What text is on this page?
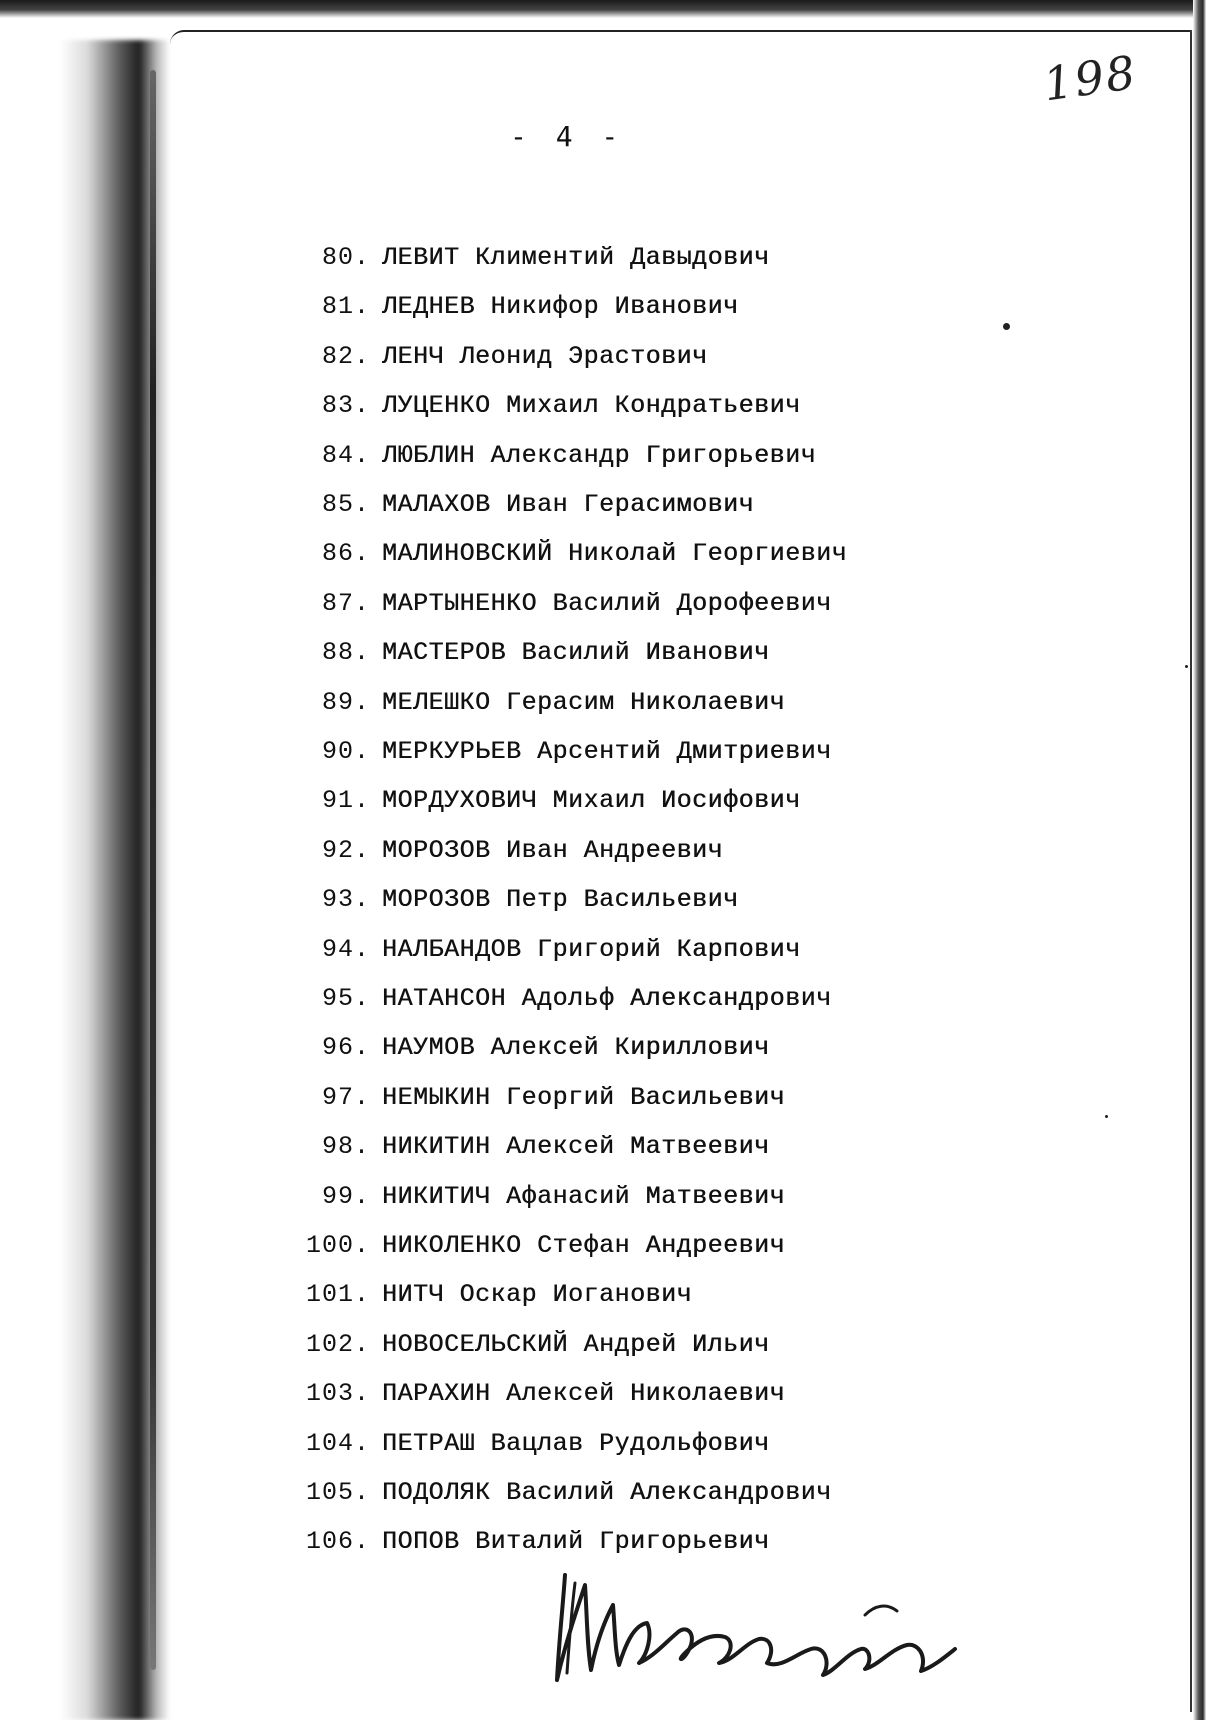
198
- 4 -
80. ЛЕВИТ Климентий Давыдович
81. ЛЕДНЕВ Никифор Иванович
82. ЛЕНЧ Леонид Эрастович
83. ЛУЦЕНКО Михаил Кондратьевич
84. ЛЮБЛИН Александр Григорьевич
85. МАЛАХОВ Иван Герасимович
86. МАЛИНОВСКИЙ Николай Георгиевич
87. МАРТЫНЕНКО Василий Дорофеевич
88. МАСТЕРОВ Василий Иванович
89. МЕЛЕШКО Герасим Николаевич
90. МЕРКУРЬЕВ Арсентий Дмитриевич
91. МОРДУХОВИЧ Михаил Иосифович
92. МОРОЗОВ Иван Андреевич
93. МОРОЗОВ Петр Васильевич
94. НАЛБАНДОВ Григорий Карпович
95. НАТАНСОН Адольф Александрович
96. НАУМОВ Алексей Кириллович
97. НЕМЫКИН Георгий Васильевич
98. НИКИТИН Алексей Матвеевич
99. НИКИТИЧ Афанасий Матвеевич
100. НИКОЛЕНКО Стефан Андреевич
101. НИТЧ Оскар Иоганович
102. НОВОСЕЛЬСКИЙ Андрей Ильич
103. ПАРАХИН Алексей Николаевич
104. ПЕТРАШ Вацлав Рудольфович
105. ПОДОЛЯК Василий Александрович
106. ПОПОВ Виталий Григорьевич
